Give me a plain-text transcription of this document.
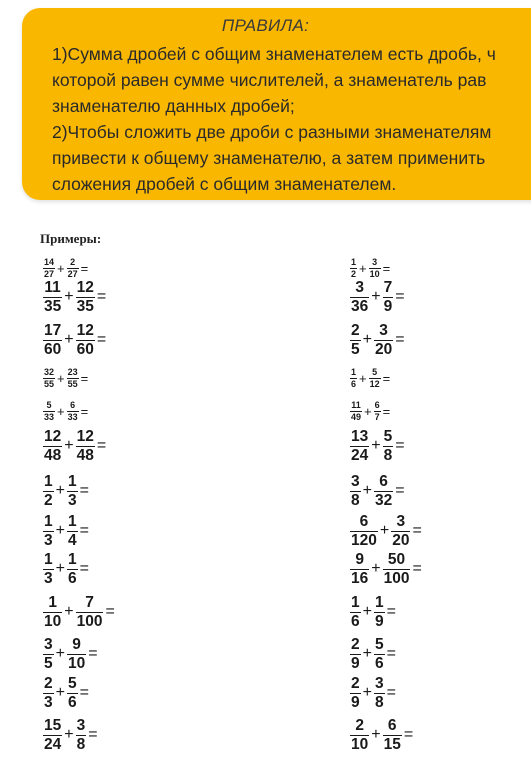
ПРАВИЛА:
1)Сумма дробей с общим знаменателем есть дробь, ч
которой равен сумме числителей, а знаменатель рав
знаменателю данных дробей;
2)Чтобы сложить две дроби с разными знаменателям
привести к общему знаменателю, а затем применить
сложения дробей с общим знаменателем.
Примеры:
$\frac{14}{27} + \frac{2}{27}$ =
$\frac{11}{35} + \frac{12}{35}$ =
$\frac{17}{60} + \frac{12}{60}$ =
$\frac{32}{55} + \frac{23}{55}$ =
$\frac{5}{33} + \frac{6}{33}$ =
$\frac{12}{48} + \frac{12}{48}$ =
$\frac{1}{2} + \frac{1}{3}$ =
$\frac{1}{3} + \frac{1}{4}$ =
$\frac{1}{3} + \frac{1}{6}$ =
$\frac{1}{10} + \frac{7}{100}$ =
$\frac{3}{5} + \frac{9}{10}$ =
$\frac{2}{3} + \frac{5}{6}$ =
$\frac{15}{24} + \frac{3}{8}$ =
$\frac{1}{2} + \frac{3}{10}$ =
$\frac{3}{36} + \frac{7}{9}$ =
$\frac{2}{5} + \frac{3}{20}$ =
$\frac{1}{6} + \frac{5}{12}$ =
$\frac{11}{49} + \frac{6}{7}$ =
$\frac{13}{24} + \frac{5}{8}$ =
$\frac{3}{8} + \frac{6}{32}$ =
$\frac{6}{120} + \frac{3}{20}$ =
$\frac{9}{16} + \frac{50}{100}$ =
$\frac{1}{6} + \frac{1}{9}$ =
$\frac{2}{9} + \frac{5}{6}$ =
$\frac{2}{9} + \frac{3}{8}$ =
$\frac{2}{10} + \frac{6}{15}$ =
